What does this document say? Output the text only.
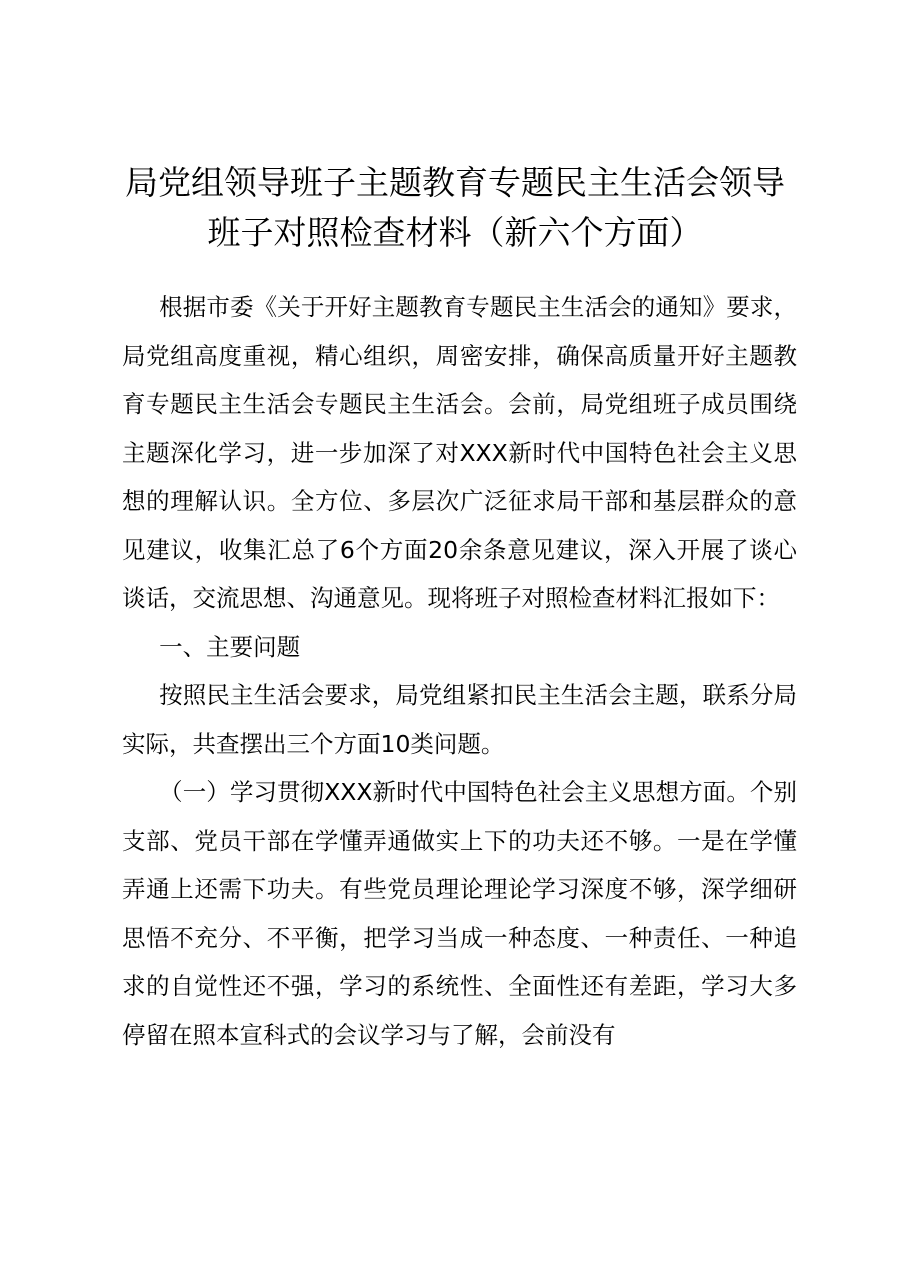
局党组领导班子主题教育专题民主生活会领导
班子对照检查材料（新六个方面）

根据市委《关于开好主题教育专题民主生活会的通知》要求，局党组高度重视，精心组织，周密安排，确保高质量开好主题教育专题民主生活会专题民主生活会。会前，局党组班子成员围绕主题深化学习，进一步加深了对XXX新时代中国特色社会主义思想的理解认识。全方位、多层次广泛征求局干部和基层群众的意见建议，收集汇总了6个方面20余条意见建议，深入开展了谈心谈话，交流思想、沟通意见。现将班子对照检查材料汇报如下：

一、主要问题

按照民主生活会要求，局党组紧扣民主生活会主题，联系分局实际，共查摆出三个方面10类问题。

（一）学习贯彻XXX新时代中国特色社会主义思想方面。个别支部、党员干部在学懂弄通做实上下的功夫还不够。一是在学懂弄通上还需下功夫。有些党员理论理论学习深度不够，深学细研思悟不充分、不平衡，把学习当成一种态度、一种责任、一种追求的自觉性还不强，学习的系统性、全面性还有差距，学习大多停留在照本宣科式的会议学习与了解，会前没有
